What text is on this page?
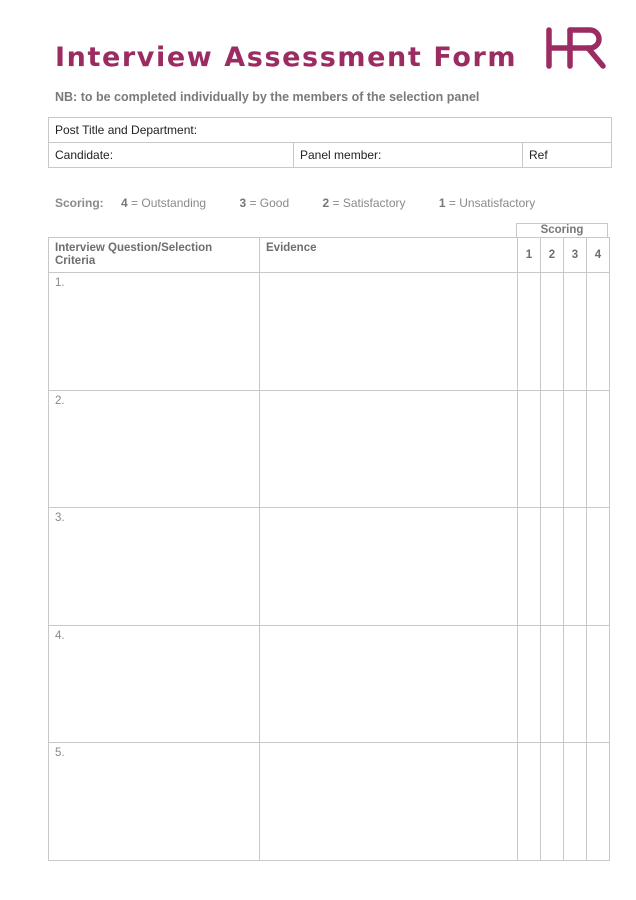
Interview Assessment Form
NB: to be completed individually by the members of the selection panel
Post Title and Department:
Candidate:	Panel member:	Ref
Scoring: 4 = Outstanding	3 = Good	2 = Satisfactory	1 = Unsatisfactory
Scoring
Interview Question/Selection Criteria	Evidence	1	2	3	4
1.					
2.					
3.					
4.					
5.					
